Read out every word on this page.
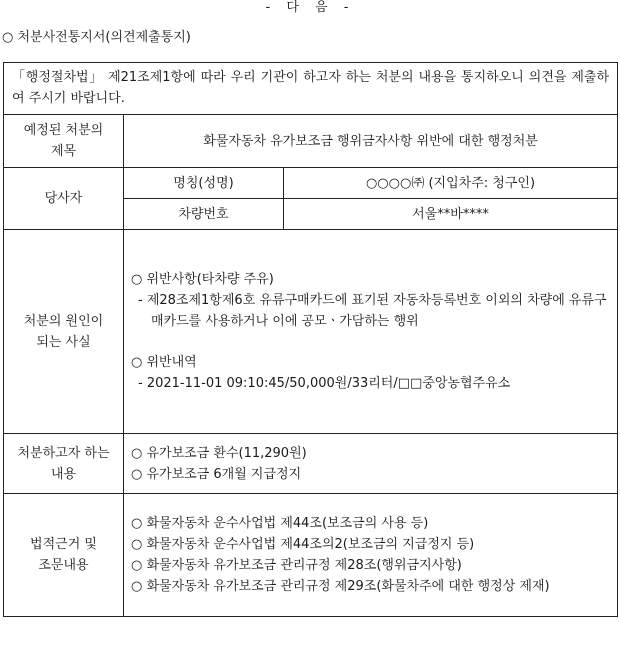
- 다 음 -
○ 처분사전통지서(의견제출통지)
「행정절차법」 제21조제1항에 따라 우리 기관이 하고자 하는 처분의 내용을 통지하오니 의견을 제출하여 주시기 바랍니다.		

예정된 처분의
제목	화물자동차 유가보조금 행위금자사항 위반에 대한 행정처분	
당사자	명칭(성명)	○○○○㈜ (지입차주: 청구인)
	차량번호	서울**바****

처분의 원인이
되는 사실	○ 위반사항(타차량 주유)
- 제28조제1항제6호 유류구매카드에 표기된 자동차등록번호 이외의 차량에 유류구매카드를 사용하거나 이에 공모ㆍ가담하는 행위
○ 위반내역
- 2021-11-01 09:10:45/50,000원/33리터/□□중앙농협주유소	

처분하고자 하는
내용	○ 유가보조금 환수(11,290원)
○ 유가보조금 6개월 지급정지	

법적근거 및
조문내용	○ 화물자동차 운수사업법 제44조(보조금의 사용 등)
○ 화물자동차 운수사업법 제44조의2(보조금의 지급정지 등)
○ 화물자동차 유가보조금 관리규정 제28조(행위금지사항)
○ 화물자동차 유가보조금 관리규정 제29조(화물차주에 대한 행정상 제재)	
